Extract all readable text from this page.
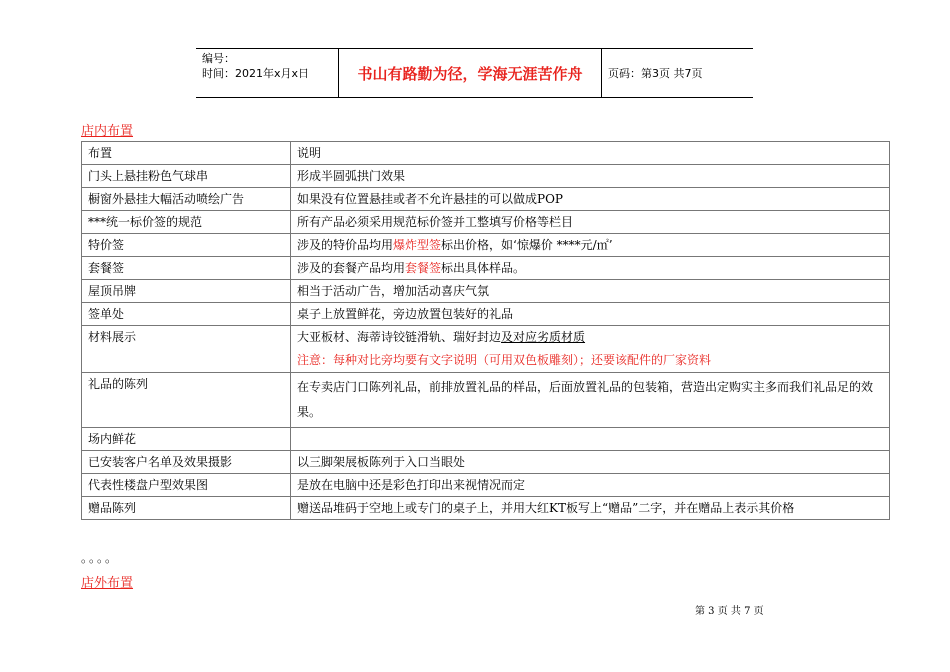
编号：
时间：2021年x月x日	书山有路勤为径，学海无涯苦作舟	页码：第3页 共7页
店内布置
布置	说明
门头上悬挂粉色气球串	形成半圆弧拱门效果
橱窗外悬挂大幅活动喷绘广告	如果没有位置悬挂或者不允许悬挂的可以做成POP
***统一标价签的规范	所有产品必须采用规范标价签并工整填写价格等栏目
特价签	涉及的特价品均用爆炸型签标出价格，如‘惊爆价 ****元/㎡’
套餐签	涉及的套餐产品均用套餐签标出具体样品。
屋顶吊牌	相当于活动广告，增加活动喜庆气氛
签单处	桌子上放置鲜花，旁边放置包装好的礼品
材料展示	大亚板材、海蒂诗铰链滑轨、瑞好封边及对应劣质材质
注意：每种对比旁均要有文字说明（可用双色板雕刻）；还要该配件的厂家资料

礼品的陈列	在专卖店门口陈列礼品，前排放置礼品的样品，后面放置礼品的包装箱，营造出定购实主多而我们礼品足的效果。
场内鲜花	
已安装客户名单及效果摄影	以三脚架展板陈列于入口当眼处
代表性楼盘户型效果图	是放在电脑中还是彩色打印出来视情况而定
赠品陈列	赠送品堆码于空地上或专门的桌子上，并用大红KT板写上“赠品”二字，并在赠品上表示其价格
。。。。
店外布置
第 3 页 共 7 页
